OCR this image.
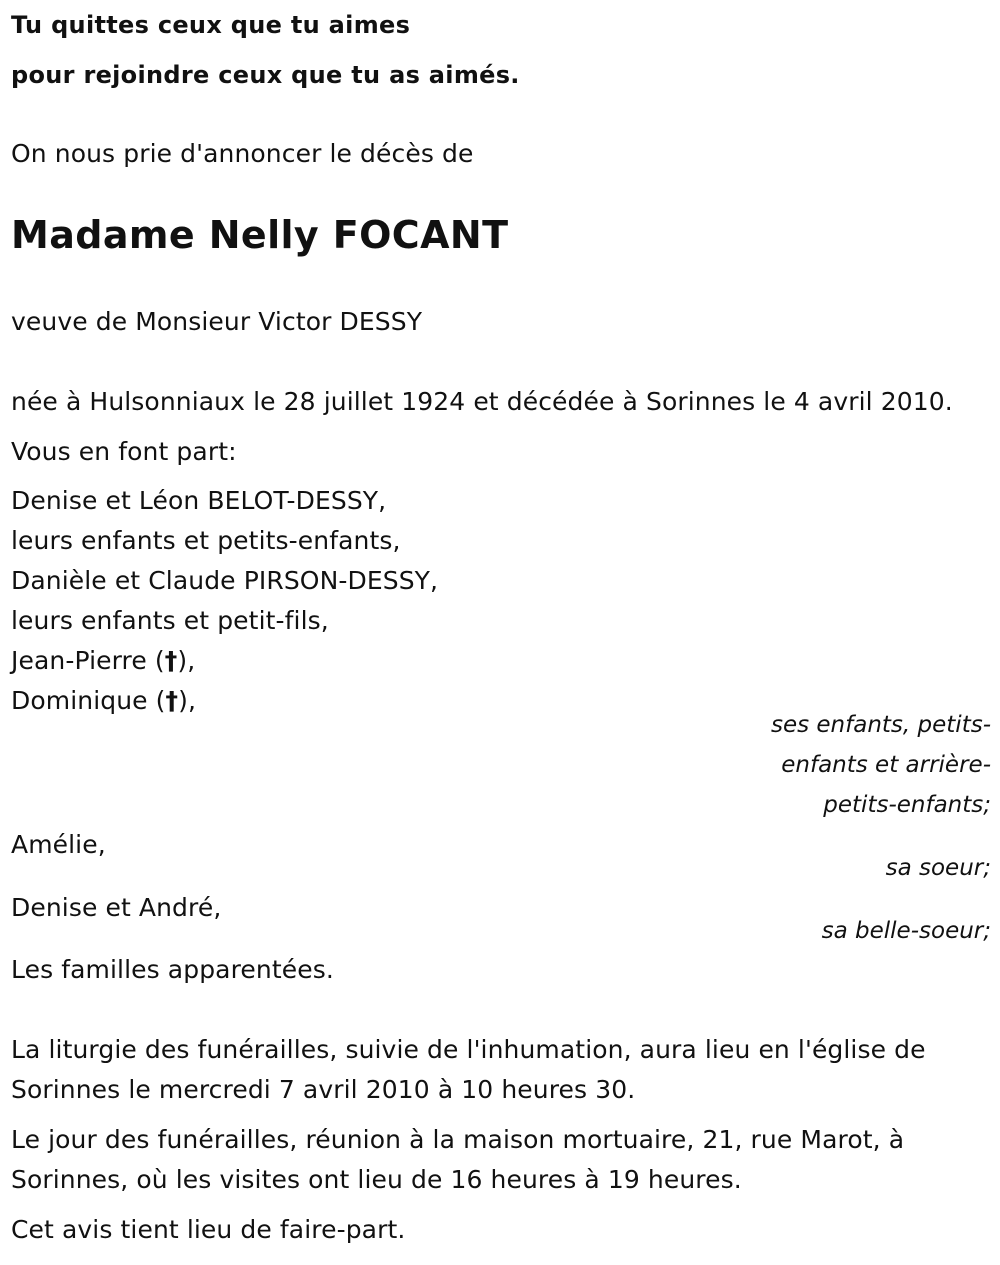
Tu quittes ceux que tu aimes
pour rejoindre ceux que tu as aimés.
On nous prie d'annoncer le décès de
Madame Nelly FOCANT
veuve de Monsieur Victor DESSY
née à Hulsonniaux le 28 juillet 1924 et décédée à Sorinnes le 4 avril 2010.
Vous en font part:
Denise et Léon BELOT-DESSY,
leurs enfants et petits-enfants,
Danièle et Claude PIRSON-DESSY,
leurs enfants et petit-fils,
Jean-Pierre (†),
Dominique (†),
ses enfants, petits-
enfants et arrière-
petits-enfants;
Amélie,
sa soeur;
Denise et André,
sa belle-soeur;
Les familles apparentées.
La liturgie des funérailles, suivie de l'inhumation, aura lieu en l'église de
Sorinnes le mercredi 7 avril 2010 à 10 heures 30.
Le jour des funérailles, réunion à la maison mortuaire, 21, rue Marot, à
Sorinnes, où les visites ont lieu de 16 heures à 19 heures.
Cet avis tient lieu de faire-part.
